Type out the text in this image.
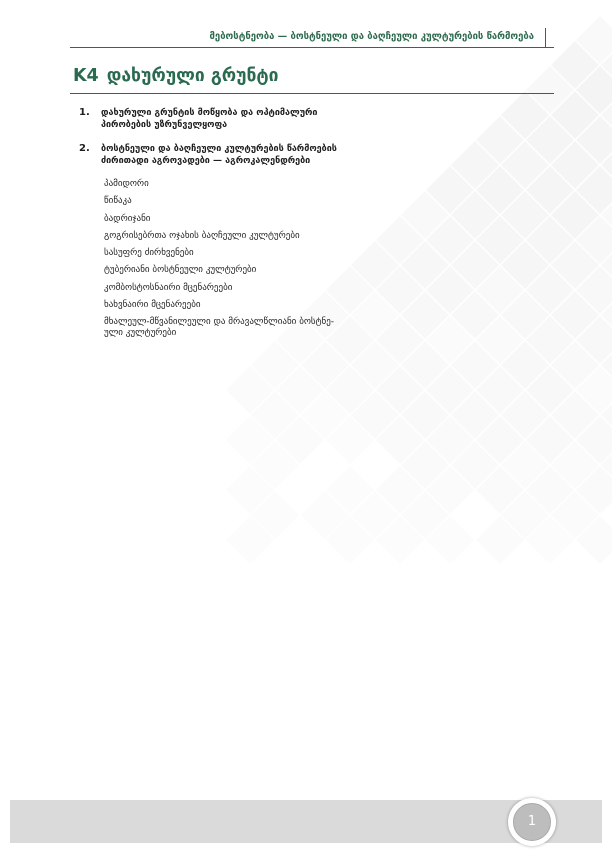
მებოსტნეობა — ბოსტნეული და ბაღჩეული კულტურების წარმოება
K4 დახურული გრუნტი
1.	დახურული გრუნტის მოწყობა და ოპტიმალური
პირობების უზრუნველყოფა
2.	ბოსტნეული და ბაღჩეული კულტურების წარმოების
ძირითადი აგროვადები — აგროკალენდრები
პამიდორი
წიწაკა
ბადრიჯანი
გოგრისებრთა ოჯახის ბაღჩეული კულტურები
სასუფრე ძირხვენები
ტუბერიანი ბოსტნეული კულტურები
კომბოსტოსნაირი მცენარეები
ხახვნაირი მცენარეები
მხალეულ-მწვანილეული და მრავალწლიანი ბოსტნე-
ული კულტურები
1
